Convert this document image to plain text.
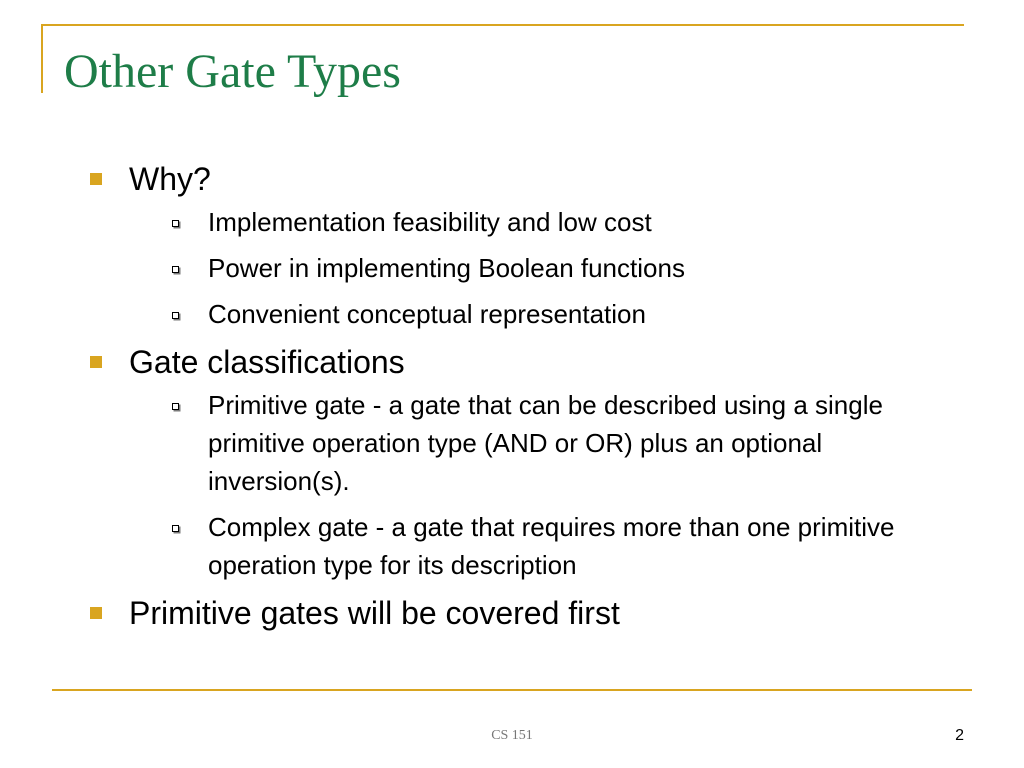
Other Gate Types
Why?
Implementation feasibility and low cost
Power in implementing Boolean functions
Convenient conceptual representation
Gate classifications
Primitive gate - a gate that can be described using a single primitive operation type (AND or OR) plus an optional inversion(s).
Complex gate - a gate that requires more than one primitive operation type for its description
Primitive gates will be covered first
CS 151	2
